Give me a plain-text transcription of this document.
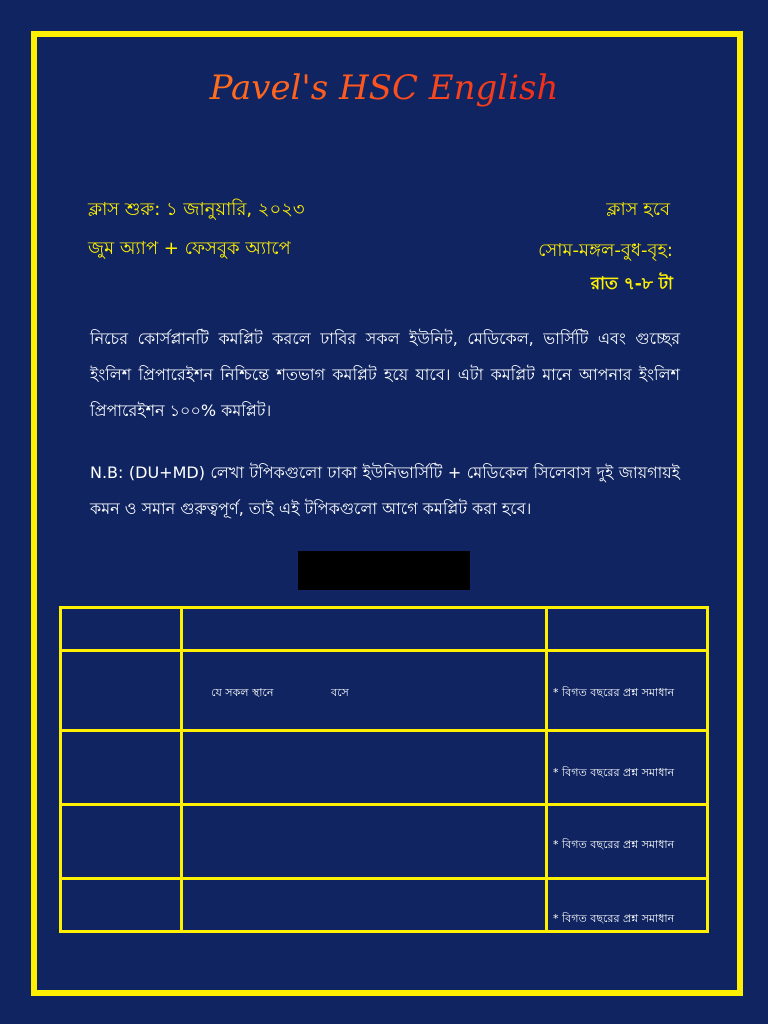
Pavel's HSC English
ক্লাস শুরু: ১ জানুয়ারি, ২০২৩	ক্লাস হবে
জুম অ্যাপ + ফেসবুক অ্যাপে	সোম-মঙ্গল-বুধ-বৃহ:
রাত ৭-৮ টা
নিচের কোর্সপ্লানটি কমপ্লিট করলে ঢাবির সকল ইউনিট, মেডিকেল, ভার্সিটি এবং গুচ্ছের ইংলিশ প্রিপারেইশন নিশ্চিন্তে শতভাগ কমপ্লিট হয়ে যাবে। এটা কমপ্লিট মানে আপনার ইংলিশ প্রিপারেইশন ১০০% কমপ্লিট।
N.B: (DU+MD) লেখা টপিকগুলো ঢাকা ইউনিভার্সিটি + মেডিকেল সিলেবাস দুই জায়গায়ই কমন ও সমান গুরুত্বপূর্ণ, তাই এই টপিকগুলো আগে কমপ্লিট করা হবে।

	যে সকল স্থানে বসে	* বিগত বছরের প্রশ্ন সমাধান

		* বিগত বছরের প্রশ্ন সমাধান

		* বিগত বছরের প্রশ্ন সমাধান

		* বিগত বছরের প্রশ্ন সমাধান
